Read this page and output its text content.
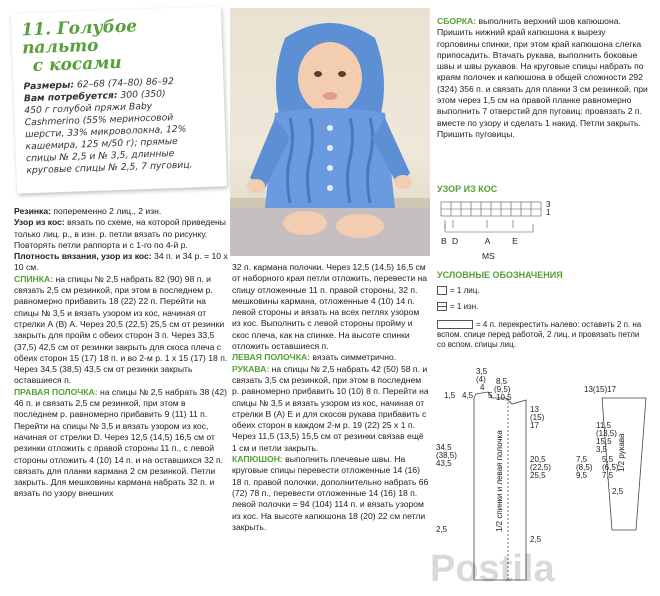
11. Голубое пальто
с косами
Размеры: 62–68 (74–80) 86–92
Вам потребуется: 300 (350)
450 г голубой пряжи Baby
Cashmerino (55% мериносовой
шерсти, 33% микроволокна, 12%
кашемира, 125 м/50 г); прямые
спицы № 2,5 и № 3,5, длинные
круговые спицы № 2,5, 7 пуговиц.

Резинка: попеременно 2 лиц., 2 изн.

Узор из кос: вязать по схеме, на которой приведены только лиц. р., в изн. р. петли вязать по рисунку. Повторять петли раппорта и с 1-го по 4-й р.

Плотность вязания, узор из кос: 34 п. и 34 р. = 10 х 10 см.

СПИНКА: на спицы № 2,5 набрать 82 (90) 98 п. и связать 2,5 см резинкой, при этом в последнем р. равномерно прибавить 18 (22) 22 п. Перейти на спицы № 3,5 и вязать узором из кос, начиная от стрелки А (В) А. Через 20,5 (22,5) 25,5 см от резинки закрыть для пройм с обеих сторон 3 п. Через 33,5 (37,5) 42,5 см от резинки закрыть для скоса плеча с обеих сторон 15 (17) 18 п. и во 2-м р. 1 х 15 (17) 18 п. Через 34,5 (38,5) 43,5 см от резинки закрыть оставшиеся п.

ПРАВАЯ ПОЛОЧКА: на спицы № 2,5 набрать 38 (42) 46 п. и связать 2,5 см резинкой, при этом в последнем р. равномерно прибавить 9 (11) 11 п. Перейти на спицы № 3,5 и вязать узором из кос, начиная от стрелки D. Через 12,5 (14,5) 16,5 см от резинки отложить с правой стороны 11 п., с левой стороны отложить 4 (10) 14 п. и на оставшихся 32 п. связать для планки кармана 2 см резинкой. Петли закрыть. Для мешковины кармана набрать 32 п. и вязать по узору внешних

32 п. кармана полочки. Через 12,5 (14,5) 16,5 см от наборного края петли отложить, перевести на спицу отложенные 11 п. правой стороны, 32 п. мешковины кармана, отложенные 4 (10) 14 п. левой стороны и вязать на всех петлях узором из кос. Выполнить с левой стороны пройму и скос плеча, как на спинке. На высоте спинки отложить оставшиеся п.

ЛЕВАЯ ПОЛОЧКА: вязать симметрично.

РУКАВА: на спицы № 2,5 набрать 42 (50) 58 п. и связать 3,5 см резинкой, при этом в последнем р. равномерно прибавить 10 (10) 8 п. Перейти на спицы № 3,5 и вязать узором из кос, начиная от стрелки В (А) Е и для скосов рукава прибавить с обеих сторон в каждом 2-м р. 19 (22) 25 x 1 п. Через 11,5 (13,5) 15,5 см от резинки связав ещё 1 см и петли закрыть.

КАПЮШОН: выполнить плечевые швы. На круговые спицы перевести отложенные 14 (16) 18 п. правой полочки, дополнительно набрать 66 (72) 78 п., перевести отложенные 14 (16) 18 п. левой полочки = 94 (104) 114 п. и вязать узором из кос. На высоте капюшона 18 (20) 22 см петли закрыть.

СБОРКА: выполнить верхний шов капюшона. Пришить нижний край капюшона к вырезу горловины спинки, при этом край капюшона слегка припосадить. Втачать рукава, выполнить боковые швы и швы рукавов. На круговые спицы набрать по краям полочек и капюшона в общей сложности 292 (324) 356 п. и связать для планки 3 см резинкой, при этом через 1,5 см на правой планке равномерно выполнить 7 отверстий для пуговиц: провязать 2 п. вместе по узору и сделать 1 накид. Петли закрыть. Пришить пуговицы.
УЗОР ИЗ КОС
3
1
B D	A	E
MS
УСЛОВНЫЕ ОБОЗНАЧЕНИЯ
= 1 лиц.
= 1 изн.
= 4 п. перекрестить налево: оставить 2 п. на вспом. спице перед работой, 2 лиц. и провязать петли со вспом. спицы лиц.
3,5
(4)
4
1,5 4,5 5
8,5
(9,5)
10,5
34,5
(38,5)
43,5
13
(15)
17
20,5
(22,5)
25,5
2,5
2,5
13(15)17
11,5
(13,5)
15,5
3,5
7,5
(8,5)
9,5
5,5
(6,5)
7,5
2,5
1/2 спинки и левая полочка	1/2 рукава
Postila
